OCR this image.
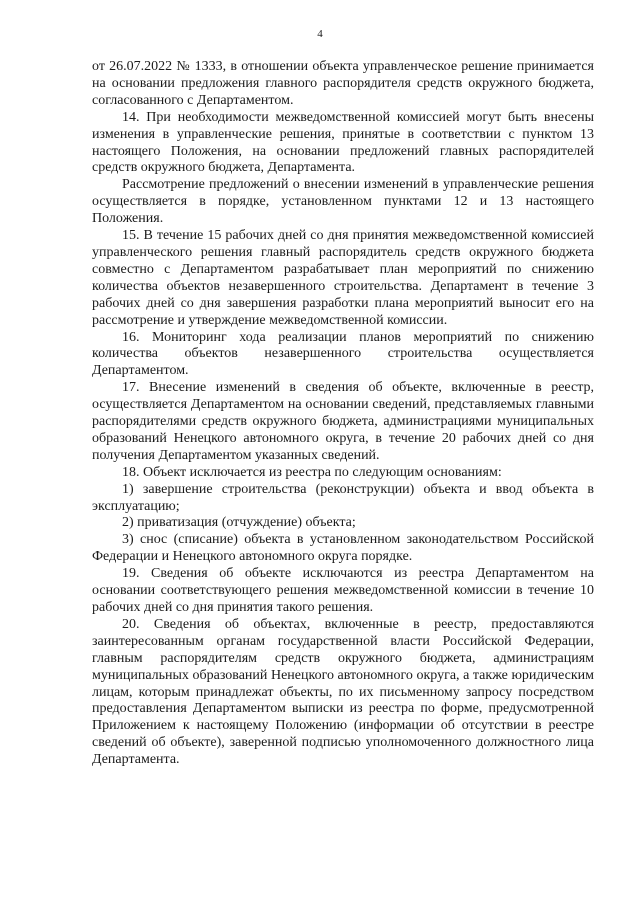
4

от 26.07.2022 № 1333, в отношении объекта управленческое решение принимается на основании предложения главного распорядителя средств окружного бюджета, согласованного с Департаментом.

14. При необходимости межведомственной комиссией могут быть внесены изменения в управленческие решения, принятые в соответствии с пунктом 13 настоящего Положения, на основании предложений главных распорядителей средств окружного бюджета, Департамента.

Рассмотрение предложений о внесении изменений в управленческие решения осуществляется в порядке, установленном пунктами 12 и 13 настоящего Положения.

15. В течение 15 рабочих дней со дня принятия межведомственной комиссией управленческого решения главный распорядитель средств окружного бюджета совместно с Департаментом разрабатывает план мероприятий по снижению количества объектов незавершенного строительства. Департамент в течение 3 рабочих дней со дня завершения разработки плана мероприятий выносит его на рассмотрение и утверждение межведомственной комиссии.

16. Мониторинг хода реализации планов мероприятий по снижению количества объектов незавершенного строительства осуществляется Департаментом.

17. Внесение изменений в сведения об объекте, включенные в реестр, осуществляется Департаментом на основании сведений, представляемых главными распорядителями средств окружного бюджета, администрациями муниципальных образований Ненецкого автономного округа, в течение 20 рабочих дней со дня получения Департаментом указанных сведений.

18. Объект исключается из реестра по следующим основаниям:

1) завершение строительства (реконструкции) объекта и ввод объекта в эксплуатацию;

2) приватизация (отчуждение) объекта;

3) снос (списание) объекта в установленном законодательством Российской Федерации и Ненецкого автономного округа порядке.

19. Сведения об объекте исключаются из реестра Департаментом на основании соответствующего решения межведомственной комиссии в течение 10 рабочих дней со дня принятия такого решения.

20. Сведения об объектах, включенные в реестр, предоставляются заинтересованным органам государственной власти Российской Федерации, главным распорядителям средств окружного бюджета, администрациям муниципальных образований Ненецкого автономного округа, а также юридическим лицам, которым принадлежат объекты, по их письменному запросу посредством предоставления Департаментом выписки из реестра по форме, предусмотренной Приложением к настоящему Положению (информации об отсутствии в реестре сведений об объекте), заверенной подписью уполномоченного должностного лица Департамента.
